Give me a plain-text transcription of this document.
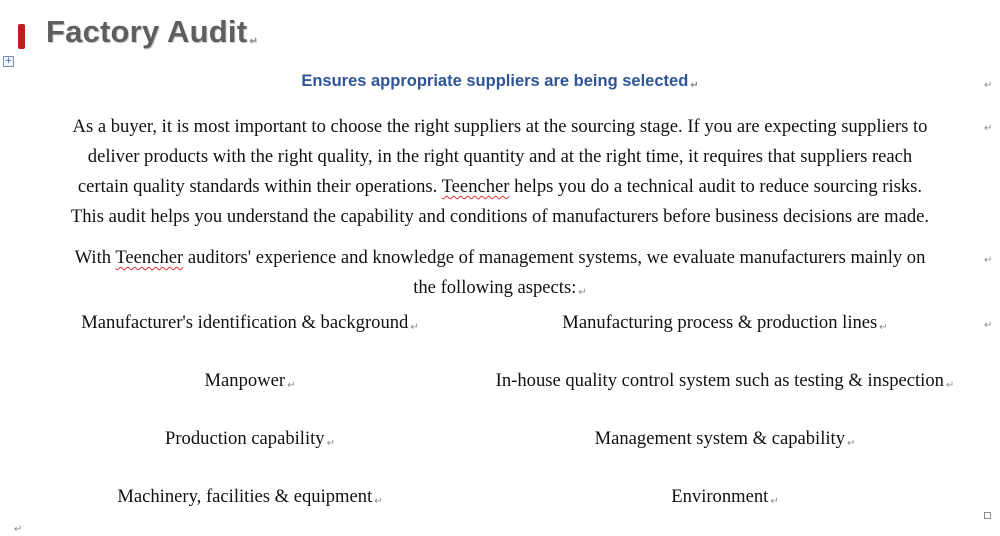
Factory Audit ↵
+
Ensures appropriate suppliers are being selected ↵	↵
As a buyer, it is most important to choose the right suppliers at the sourcing stage. If you are expecting suppliers to
deliver products with the right quality, in the right quantity and at the right time, it requires that suppliers reach
certain quality standards within their operations. Teencher helps you do a technical audit to reduce sourcing risks.
This audit helps you understand the capability and conditions of manufacturers before business decisions are made.
↵
With Teencher auditors' experience and knowledge of management systems, we evaluate manufacturers mainly on
the following aspects: ↵
↵
Manufacturer's identification & background ↵	Manufacturing process & production lines ↵	↵
Manpower ↵	In-house quality control system such as testing & inspection ↵
Production capability ↵	Management system & capability ↵
Machinery, facilities & equipment ↵	Environment ↵
↵
